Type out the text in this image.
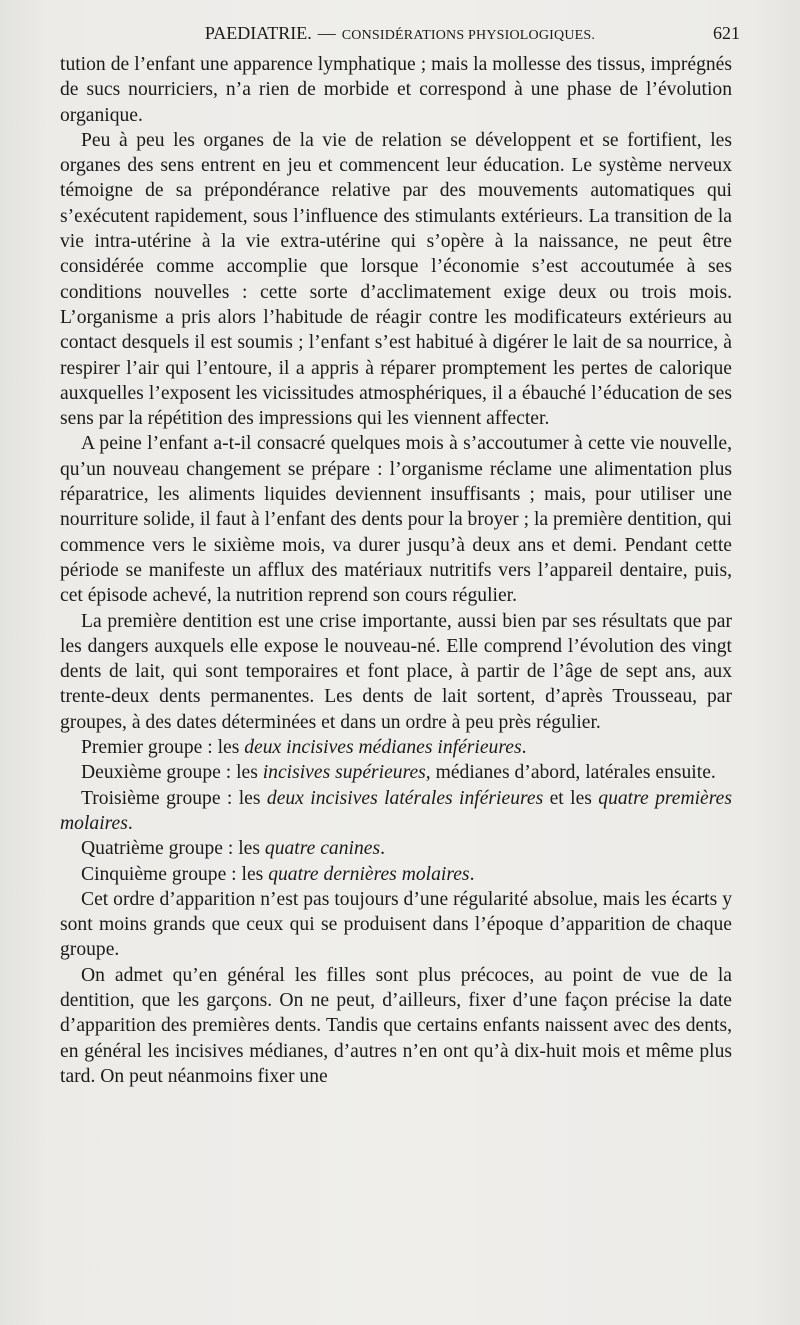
PAEDIATRIE. — CONSIDÉRATIONS PHYSIOLOGIQUES.	621

tution de l’enfant une apparence lymphatique ; mais la mollesse des tissus, imprégnés de sucs nourriciers, n’a rien de morbide et correspond à une phase de l’évolution organique.

Peu à peu les organes de la vie de relation se développent et se fortifient, les organes des sens entrent en jeu et commencent leur éducation. Le système nerveux témoigne de sa prépondérance relative par des mouvements automatiques qui s’exécutent rapidement, sous l’influence des stimulants extérieurs. La transition de la vie intra-utérine à la vie extra-utérine qui s’opère à la naissance, ne peut être considérée comme accomplie que lorsque l’économie s’est accoutumée à ses conditions nouvelles : cette sorte d’acclimatement exige deux ou trois mois. L’organisme a pris alors l’habitude de réagir contre les modificateurs extérieurs au contact desquels il est soumis ; l’enfant s’est habitué à digérer le lait de sa nourrice, à respirer l’air qui l’entoure, il a appris à réparer promptement les pertes de calorique auxquelles l’exposent les vicissitudes atmosphériques, il a ébauché l’éducation de ses sens par la répétition des impressions qui les viennent affecter.

A peine l’enfant a-t-il consacré quelques mois à s’accoutumer à cette vie nouvelle, qu’un nouveau changement se prépare : l’organisme réclame une alimentation plus réparatrice, les aliments liquides deviennent insuffisants ; mais, pour utiliser une nourriture solide, il faut à l’enfant des dents pour la broyer ; la première dentition, qui commence vers le sixième mois, va durer jusqu’à deux ans et demi. Pendant cette période se manifeste un afflux des matériaux nutritifs vers l’appareil dentaire, puis, cet épisode achevé, la nutrition reprend son cours régulier.

La première dentition est une crise importante, aussi bien par ses résultats que par les dangers auxquels elle expose le nouveau-né. Elle comprend l’évolution des vingt dents de lait, qui sont temporaires et font place, à partir de l’âge de sept ans, aux trente-deux dents permanentes. Les dents de lait sortent, d’après Trousseau, par groupes, à des dates déterminées et dans un ordre à peu près régulier.

Premier groupe : les deux incisives médianes inférieures.

Deuxième groupe : les incisives supérieures, médianes d’abord, latérales ensuite.

Troisième groupe : les deux incisives latérales inférieures et les quatre premières molaires.

Quatrième groupe : les quatre canines.

Cinquième groupe : les quatre dernières molaires.

Cet ordre d’apparition n’est pas toujours d’une régularité absolue, mais les écarts y sont moins grands que ceux qui se produisent dans l’époque d’apparition de chaque groupe.

On admet qu’en général les filles sont plus précoces, au point de vue de la dentition, que les garçons. On ne peut, d’ailleurs, fixer d’une façon précise la date d’apparition des premières dents. Tandis que certains enfants naissent avec des dents, en général les incisives médianes, d’autres n’en ont qu’à dix-huit mois et même plus tard. On peut néanmoins fixer une
